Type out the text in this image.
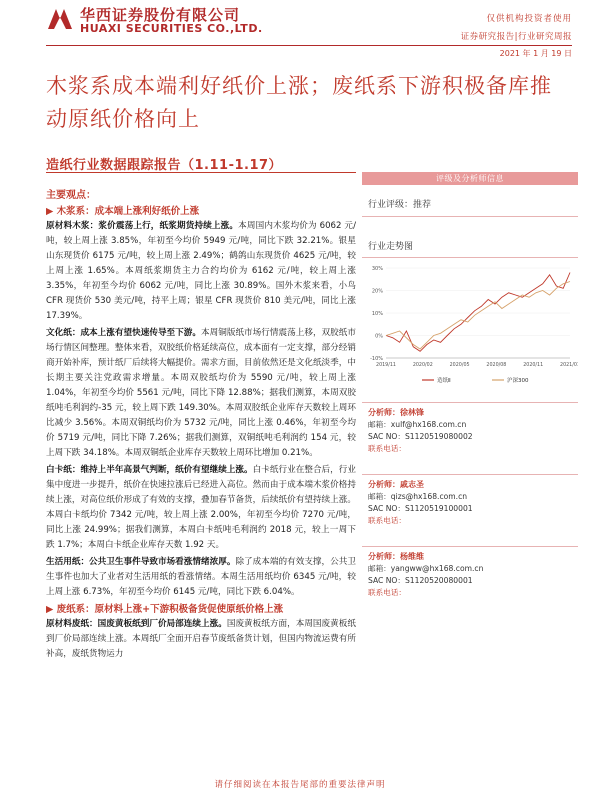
华西证券股份有限公司
HUAXI SECURITIES CO.,LTD.
仅供机构投资者使用
证券研究报告|行业研究周报
2021 年 1 月 19 日
木浆系成本端利好纸价上涨；废纸系下游积极备库推动原纸价格向上
造纸行业数据跟踪报告（1.11-1.17）
主要观点：
▶ 木浆系：成本端上涨利好纸价上涨

原材料木浆：浆价震荡上行，纸浆期货持续上涨。本周国内木浆均价为 6062 元/吨，较上周上涨 3.85%，年初至今均价 5949 元/吨，同比下跌 32.21%。银星山东现货价 6175 元/吨，较上周上涨 2.49%；鹤鸽山东现货价 4625 元/吨，较上周上涨 1.65%。本周纸浆期货主力合约均价为 6162 元/吨，较上周上涨 3.35%，年初至今均价 6062 元/吨，同比上涨 30.89%。国外木浆来看，小鸟 CFR 现货价 530 美元/吨，持平上周；银星 CFR 现货价 810 美元/吨，同比上涨 17.39%。

文化纸：成本上涨有望快速传导至下游。本周铜版纸市场行情震荡上移，双胶纸市场行情区间整理。整体来看，双胶纸价格延续高位，成本面有一定支撑，部分经销商开始补库，预计纸厂后续将大幅提价。需求方面，目前依然还是文化纸淡季，中长期主要关注党政需求增量。本周双胶纸均价为 5590 元/吨，较上周上涨 1.04%，年初至今均价 5561 元/吨，同比下降 12.88%；据我们测算，本周双胶纸吨毛利润约-35 元，较上周下跌 149.30%。本周双胶纸企业库存天数较上周环比减少 3.56%。本周双铜纸均价为 5732 元/吨，同比上涨 0.46%，年初至今均价 5719 元/吨，同比下降 7.26%；据我们测算，双铜纸吨毛利润约 154 元，较上周下跌 34.18%。本周双铜纸企业库存天数较上周环比增加 0.21%。

白卡纸：维持上半年高景气判断，纸价有望继续上涨。白卡纸行业在整合后，行业集中度进一步提升，纸价在快速拉涨后已经进入高位。然而由于成本端木浆价格持续上涨，对高位纸价形成了有效的支撑，叠加春节备货，后续纸价有望持续上涨。本周白卡纸均价 7342 元/吨，较上周上涨 2.00%，年初至今均价 7270 元/吨，同比上涨 24.99%；据我们测算，本周白卡纸吨毛利润约 2018 元，较上一周下跌 1.7%；本周白卡纸企业库存天数 1.92 天。

生活用纸：公共卫生事件导致市场看涨情绪浓厚。除了成本端的有效支撑，公共卫生事件也加大了业者对生活用纸的看涨情绪。本周生活用纸均价 6345 元/吨，较上周上涨 6.73%，年初至今均价 6145 元/吨，同比下跌 6.04%。

▶ 废纸系：原材料上涨+下游积极备货促使原纸价格上涨

原材料废纸：国废黄板纸到厂价局部连续上涨。国废黄板纸方面，本周国废黄板纸到厂价局部连续上涨。本周纸厂全面开启春节废纸备货计划，但国内物流运费有所补高，废纸货物运力

评级及分析师信息
行业评级：推荐
行业走势图
-10%
0%
10%
20%
30%
2019/11	2020/02	2020/05	2020/08	2020/11	2021/01
造纸Ⅱ	沪深300
分析师：徐林锋
邮箱：xulf@hx168.com.cn
SAC NO：S1120519080002
联系电话：
分析师：戚志圣
邮箱：qizs@hx168.com.cn
SAC NO：S1120519100001
联系电话：
分析师：杨维维
邮箱：yangww@hx168.com.cn
SAC NO：S1120520080001
联系电话：
请仔细阅读在本报告尾部的重要法律声明
